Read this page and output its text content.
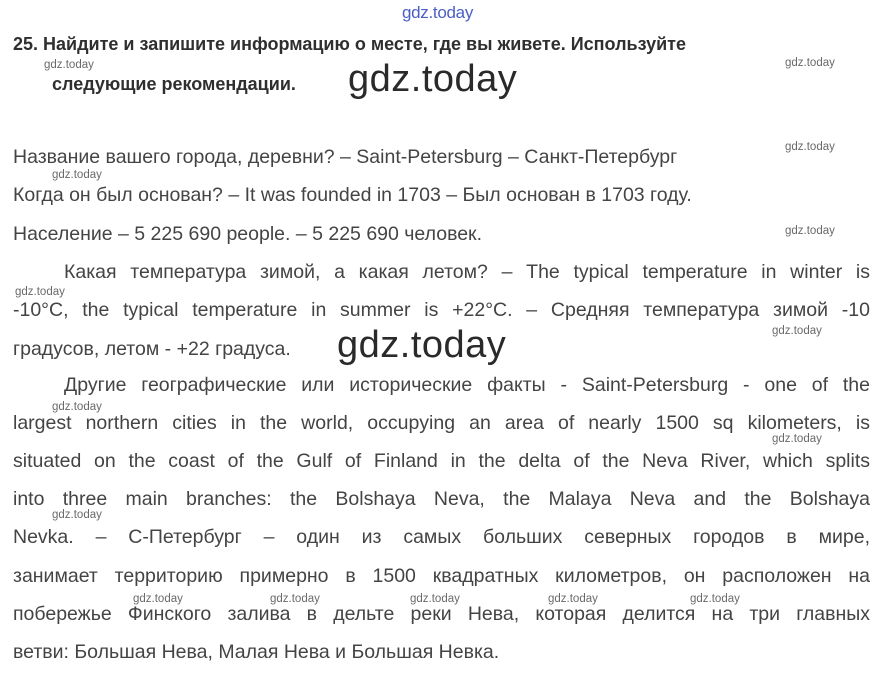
gdz.today
25. Найдите и запишите информацию о месте, где вы живете. Используйте
следующие рекомендации.
gdz.today	gdz.today
gdz.today
gdz.today
gdz.today
gdz.today
gdz.today
gdz.today
gdz.today
gdz.today
gdz.today	gdz.today	gdz.today	gdz.today	gdz.today
gdz.today
gdz.today
Название вашего города, деревни? – Saint-Petersburg – Санкт-Петербург
Когда он был основан? – It was founded in 1703 – Был основан в 1703 году.
Население – 5 225 690 people. – 5 225 690 человек.
Какая температура зимой, а какая летом? – The typical temperature in winter is
-10°C, the typical temperature in summer is +22°C. – Средняя температура зимой -10
градусов, летом - +22 градуса.
Другие географические или исторические факты - Saint-Petersburg - one of the
largest northern cities in the world, occupying an area of nearly 1500 sq kilometers, is
situated on the coast of the Gulf of Finland in the delta of the Neva River, which splits
into three main branches: the Bolshaya Neva, the Malaya Neva and the Bolshaya
Nevka. – С-Петербург – один из самых больших северных городов в мире,
занимает территорию примерно в 1500 квадратных километров, он расположен на
побережье Финского залива в дельте реки Нева, которая делится на три главных
ветви: Большая Нева, Малая Нева и Большая Невка.
